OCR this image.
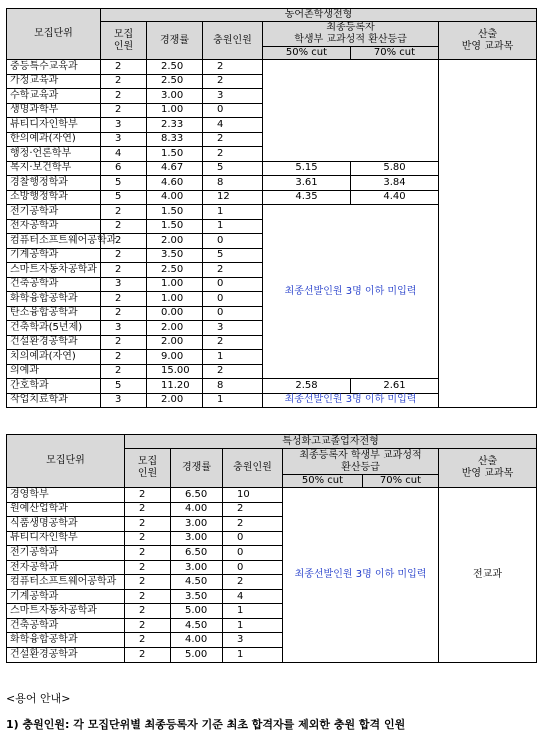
모집단위	농어촌학생전형					
	모집
인원	경쟁률	충원인원	최종등록자
학생부 교과성적 환산등급		산출
반영 교과목
				50% cut	70% cut	
중등특수교육과	2	2.50	2			
가정교육과	2	2.50	2			
수학교육과	2	3.00	3			
생명과학부	2	1.00	0			
뷰티디자인학부	3	2.33	4			
한의예과(자연)	3	8.33	2			
행정·언론학부	4	1.50	2			
복지·보건학부	6	4.67	5	5.15	5.80	
경찰행정학과	5	4.60	8	3.61	3.84	
소방행정학과	5	4.00	12	4.35	4.40	
전기공학과	2	1.50	1	최종선발인원 3명 이하 미입력		
전자공학과	2	1.50	1			
컴퓨터소프트웨어공학과	2	2.00	0			
기계공학과	2	3.50	5			
스마트자동차공학과	2	2.50	2			
건축공학과	3	1.00	0			
화학융합공학과	2	1.00	0			
탄소융합공학과	2	0.00	0			
건축학과(5년제)	3	2.00	3			
건설환경공학과	2	2.00	2			
치의예과(자연)	2	9.00	1			
의예과	2	15.00	2			
간호학과	5	11.20	8	2.58	2.61	
작업치료학과	3	2.00	1	최종선발인원 3명 이하 미입력		
모집단위	특성화고교졸업자전형					
	모집
인원	경쟁률	충원인원	최종등록자 학생부 교과성적
환산등급		산출
반영 교과목
				50% cut	70% cut	
경영학부	2	6.50	10	최종선발인원 3명 이하 미입력		전교과
원예산업학과	2	4.00	2			
식품생명공학과	2	3.00	2			
뷰티디자인학부	2	3.00	0			
전기공학과	2	6.50	0			
전자공학과	2	3.00	0			
컴퓨터소프트웨어공학과	2	4.50	2			
기계공학과	2	3.50	4			
스마트자동차공학과	2	5.00	1			
건축공학과	2	4.50	1			
화학융합공학과	2	4.00	3			
건설환경공학과	2	5.00	1			
<용어 안내>
1) 충원인원: 각 모집단위별 최종등록자 기준 최초 합격자를 제외한 충원 합격 인원
